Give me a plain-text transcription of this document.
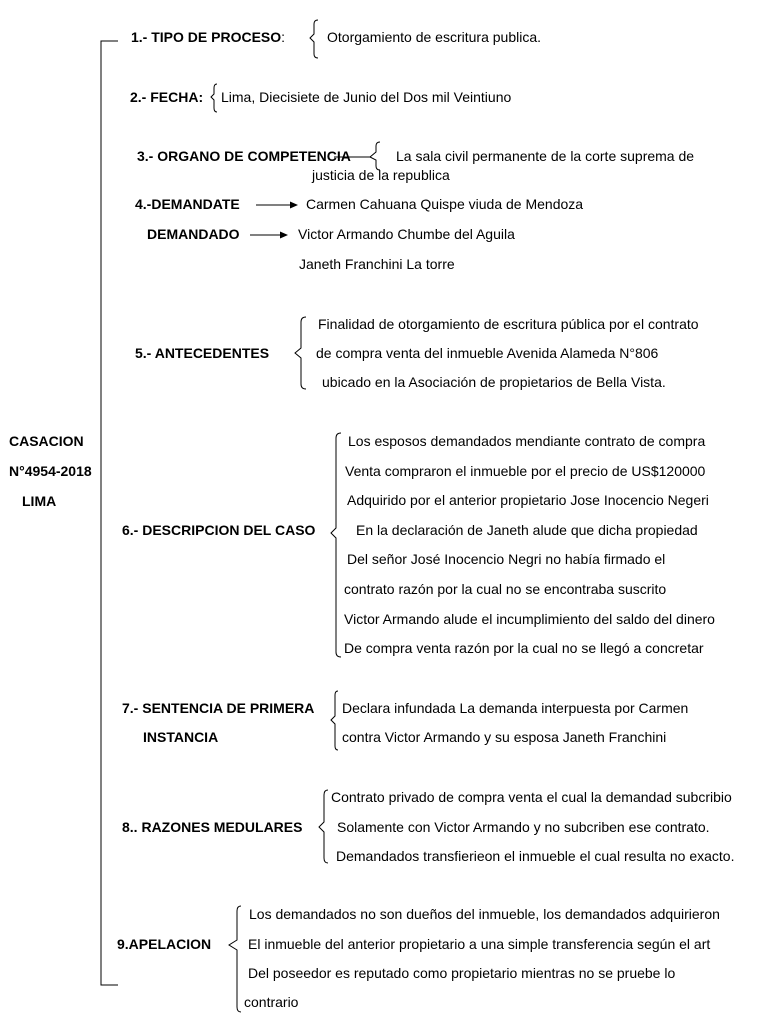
CASACION
N°4954-2018
LIMA
1.- TIPO DE PROCESO:	Otorgamiento de escritura publica.
2.- FECHA: Lima, Diecisiete de Junio del Dos mil Veintiuno
3.- ORGANO DE COMPETENCIA	La sala civil permanente de la corte suprema de
justicia de la republica
4.-DEMANDATE	Carmen Cahuana Quispe viuda de Mendoza
DEMANDADO	Victor Armando Chumbe del Aguila
Janeth Franchini La torre
5.- ANTECEDENTES
Finalidad de otorgamiento de escritura pública por el contrato
de compra venta del inmueble Avenida Alameda N°806
ubicado en la Asociación de propietarios de Bella Vista.
6.- DESCRIPCION DEL CASO
Los esposos demandados mendiante contrato de compra
Venta compraron el inmueble por el precio de US$120000
Adquirido por el anterior propietario Jose Inocencio Negeri
En la declaración de Janeth alude que dicha propiedad
Del señor José Inocencio Negri no había firmado el
contrato razón por la cual no se encontraba suscrito
Victor Armando alude el incumplimiento del saldo del dinero
De compra venta razón por la cual no se llegó a concretar
7.- SENTENCIA DE PRIMERA
INSTANCIA
Declara infundada La demanda interpuesta por Carmen
contra Victor Armando y su esposa Janeth Franchini
8.. RAZONES MEDULARES
Contrato privado de compra venta el cual la demandad subcribio
Solamente con Victor Armando y no subcriben ese contrato.
Demandados transfierieon el inmueble el cual resulta no exacto.
9.APELACION
Los demandados no son dueños del inmueble, los demandados adquirieron
El inmueble del anterior propietario a una simple transferencia según el art
Del poseedor es reputado como propietario mientras no se pruebe lo
contrario
